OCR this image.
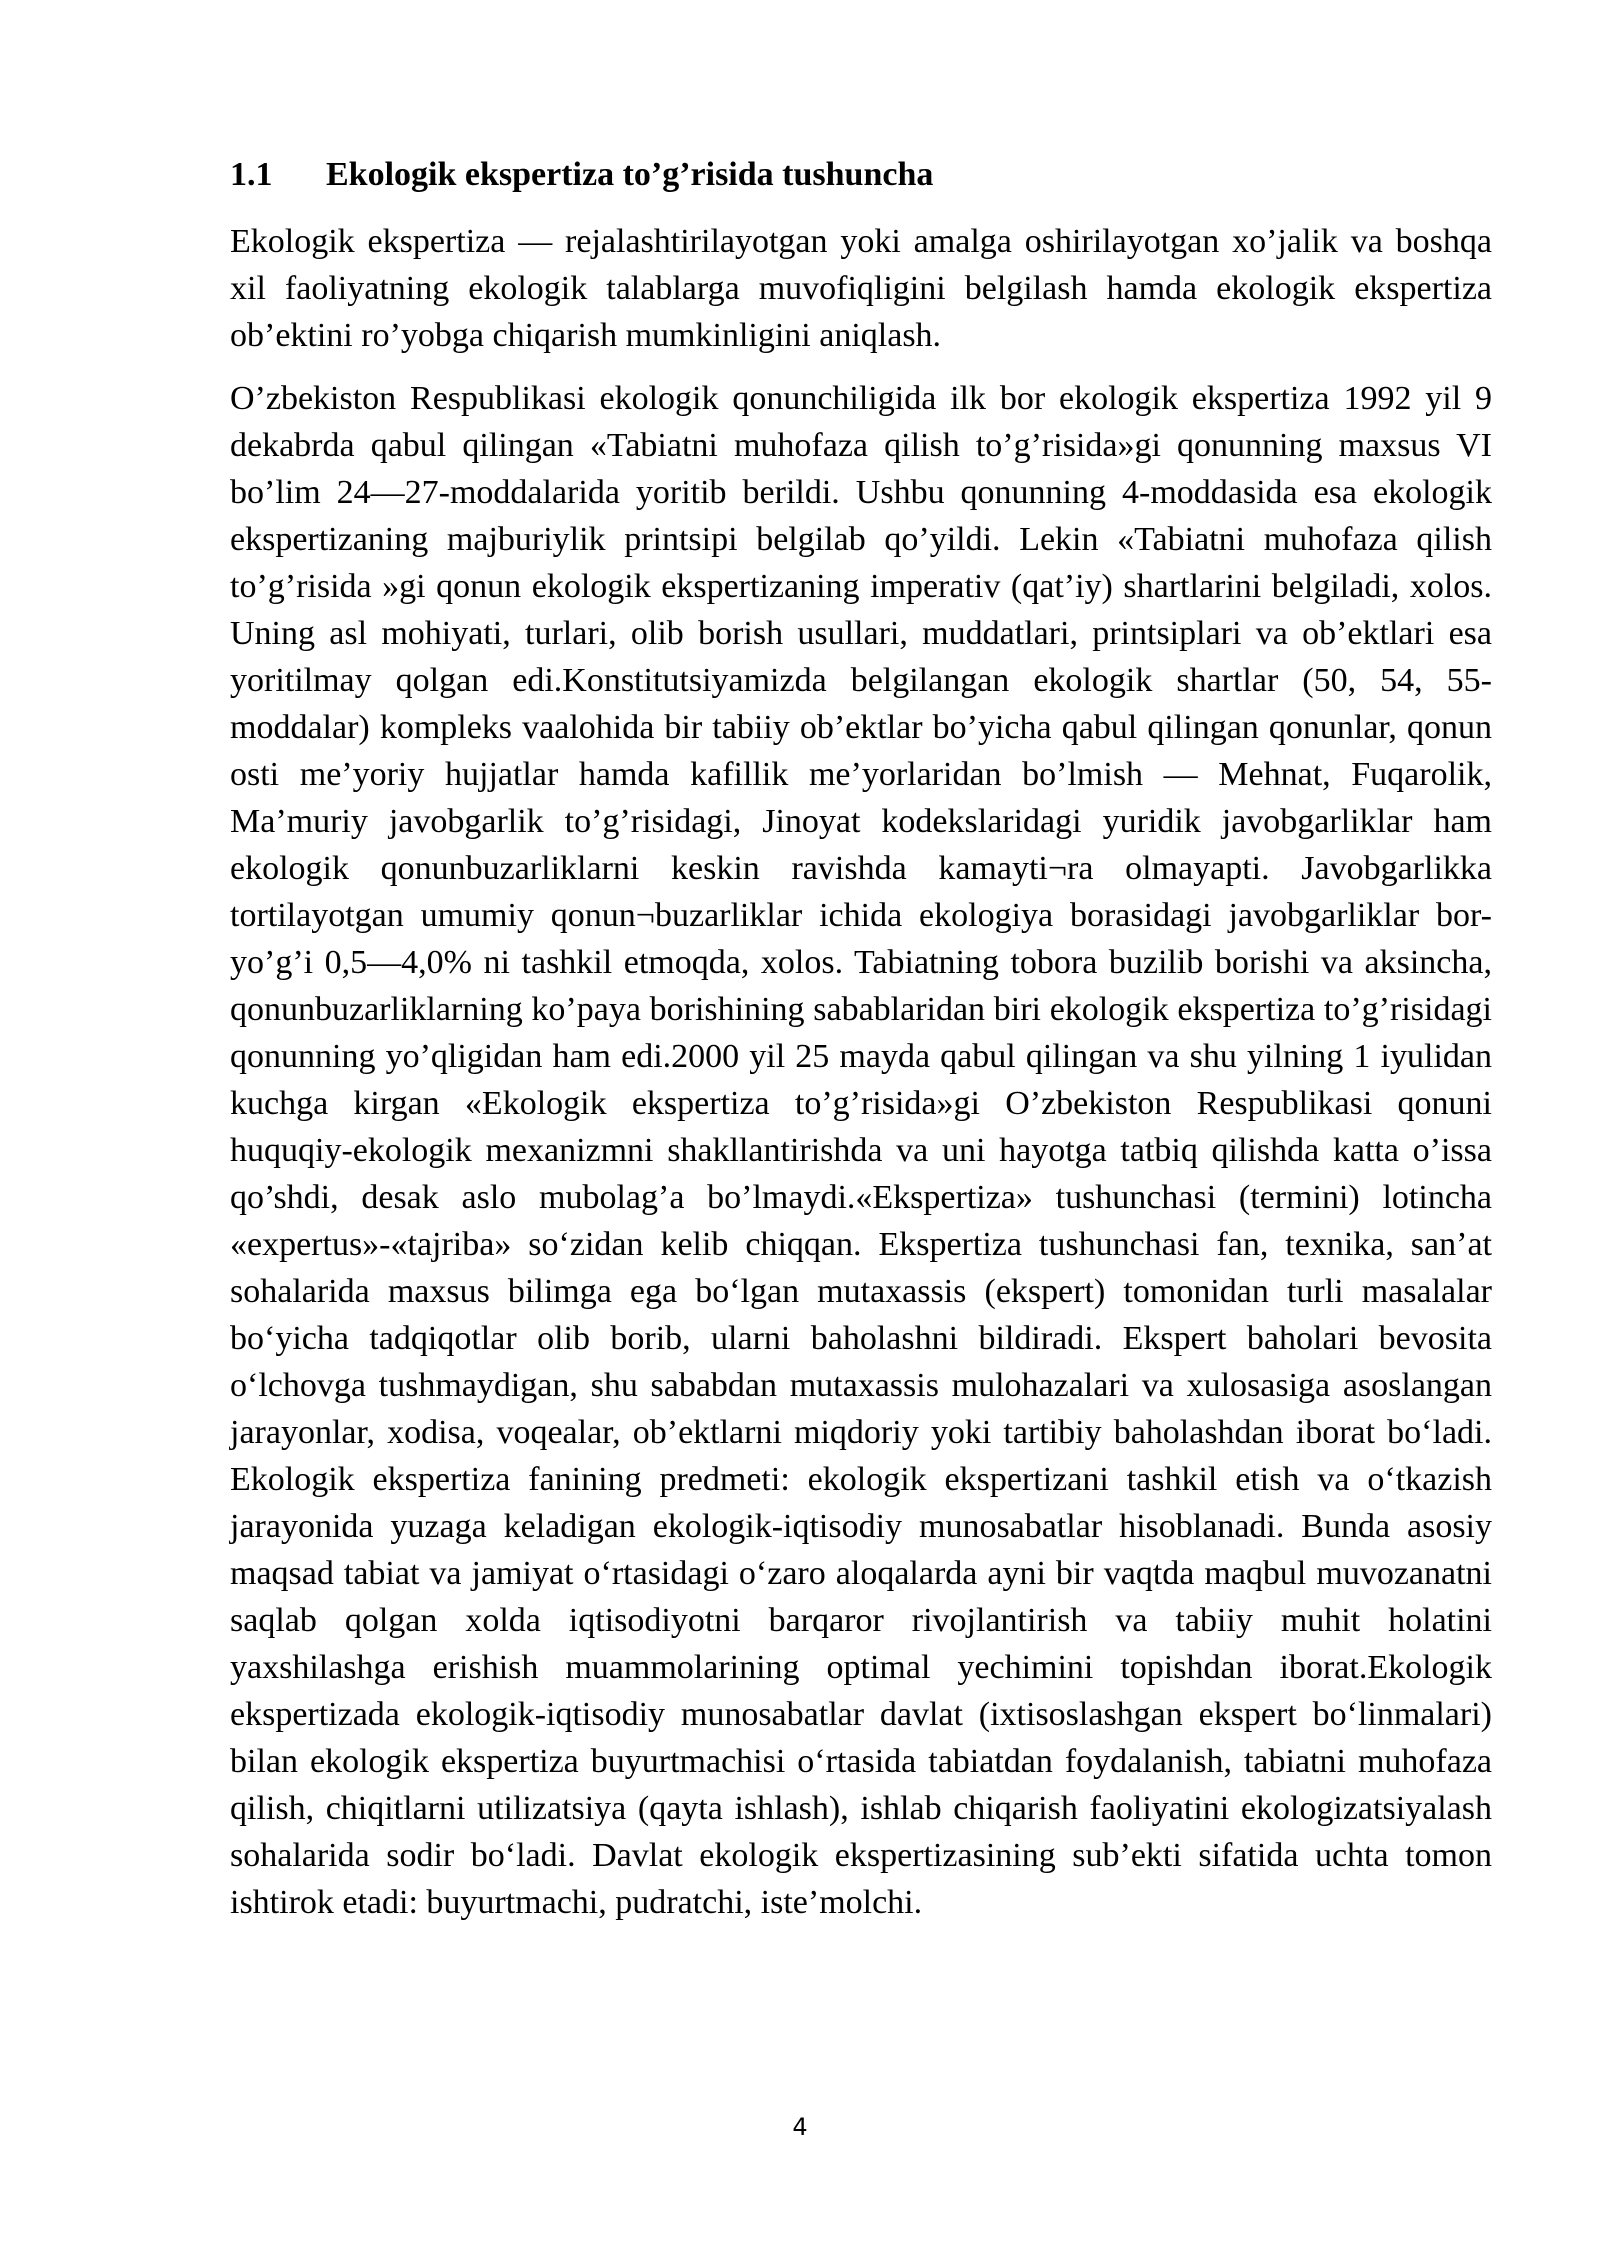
1.1	Ekologik ekspertiza to’g’risida tushuncha

Ekologik ekspertiza — rejalashtirilayotgan yoki amalga oshirilayotgan xo’jalik va boshqa xil faoliyatning ekologik talablarga muvofiqligini belgilash hamda ekologik ekspertiza ob’ektini ro’yobga chiqarish mumkinligini aniqlash.

O’zbekiston Respublikasi ekologik qonunchiligida ilk bor ekologik ekspertiza 1992 yil 9 dekabrda qabul qilingan «Tabiatni muhofaza qilish to’g’risida»gi qonunning maxsus VI bo’lim 24—27-moddalarida yoritib berildi. Ushbu qonunning 4-moddasida esa ekologik ekspertizaning majburiylik printsipi belgilab qo’yildi. Lekin «Tabiatni muhofaza qilish to’g’risida »gi qonun ekologik ekspertizaning imperativ (qat’iy) shartlarini belgiladi, xolos. Uning asl mohiyati, turlari, olib borish usullari, muddatlari, printsiplari va ob’ektlari esa yoritilmay qolgan edi.Konstitutsiyamizda belgilangan ekologik shartlar (50, 54, 55-moddalar) kompleks vaalohida bir tabiiy ob’ektlar bo’yicha qabul qilingan qonunlar, qonun osti me’yoriy hujjatlar hamda kafillik me’yorlaridan bo’lmish — Mehnat, Fuqarolik, Ma’muriy javobgarlik to’g’risidagi, Jinoyat kodekslaridagi yuridik javobgarliklar ham ekologik qonunbuzarliklarni keskin ravishda kamayti¬ra olmayapti. Javobgarlikka tortilayotgan umumiy qonun¬buzarliklar ichida ekologiya borasidagi javobgarliklar bor-yo’g’i 0,5—4,0% ni tashkil etmoqda, xolos. Tabiatning tobora buzilib borishi va aksincha, qonunbuzarliklarning ko’paya borishining sabablaridan biri ekologik ekspertiza to’g’risidagi qonunning yo’qligidan ham edi.2000 yil 25 mayda qabul qilingan va shu yilning 1 iyulidan kuchga kirgan «Ekologik ekspertiza to’g’risida»gi O’zbekiston Respublikasi qonuni huquqiy-ekologik mexanizmni shakllantirishda va uni hayotga tatbiq qilishda katta o’issa qo’shdi, desak aslo mubolag’a bo’lmaydi.«Ekspertiza» tushunchasi (termini) lotincha «expertus»-«tajriba» so‘zidan kelib chiqqan. Ekspertiza tushunchasi fan, texnika, san’at sohalarida maxsus bilimga ega bo‘lgan mutaxassis (ekspert) tomonidan turli masalalar bo‘yicha tadqiqotlar olib borib, ularni baholashni bildiradi. Ekspert baholari bevosita o‘lchovga tushmaydigan, shu sababdan mutaxassis mulohazalari va xulosasiga asoslangan jarayonlar, xodisa, voqealar, ob’ektlarni miqdoriy yoki tartibiy baholashdan iborat bo‘ladi. Ekologik ekspertiza fanining predmeti: ekologik ekspertizani tashkil etish va o‘tkazish jarayonida yuzaga keladigan ekologik-iqtisodiy munosabatlar hisoblanadi. Bunda asosiy maqsad tabiat va jamiyat o‘rtasidagi o‘zaro aloqalarda ayni bir vaqtda maqbul muvozanatni saqlab qolgan xolda iqtisodiyotni barqaror rivojlantirish va tabiiy muhit holatini yaxshilashga erishish muammolarining optimal yechimini topishdan iborat.Ekologik ekspertizada ekologik-iqtisodiy munosabatlar davlat (ixtisoslashgan ekspert bo‘linmalari) bilan ekologik ekspertiza buyurtmachisi o‘rtasida tabiatdan foydalanish, tabiatni muhofaza qilish, chiqitlarni utilizatsiya (qayta ishlash), ishlab chiqarish faoliyatini ekologizatsiyalash sohalarida sodir bo‘ladi. Davlat ekologik ekspertizasining sub’ekti sifatida uchta tomon ishtirok etadi: buyurtmachi, pudratchi, iste’molchi.

4
